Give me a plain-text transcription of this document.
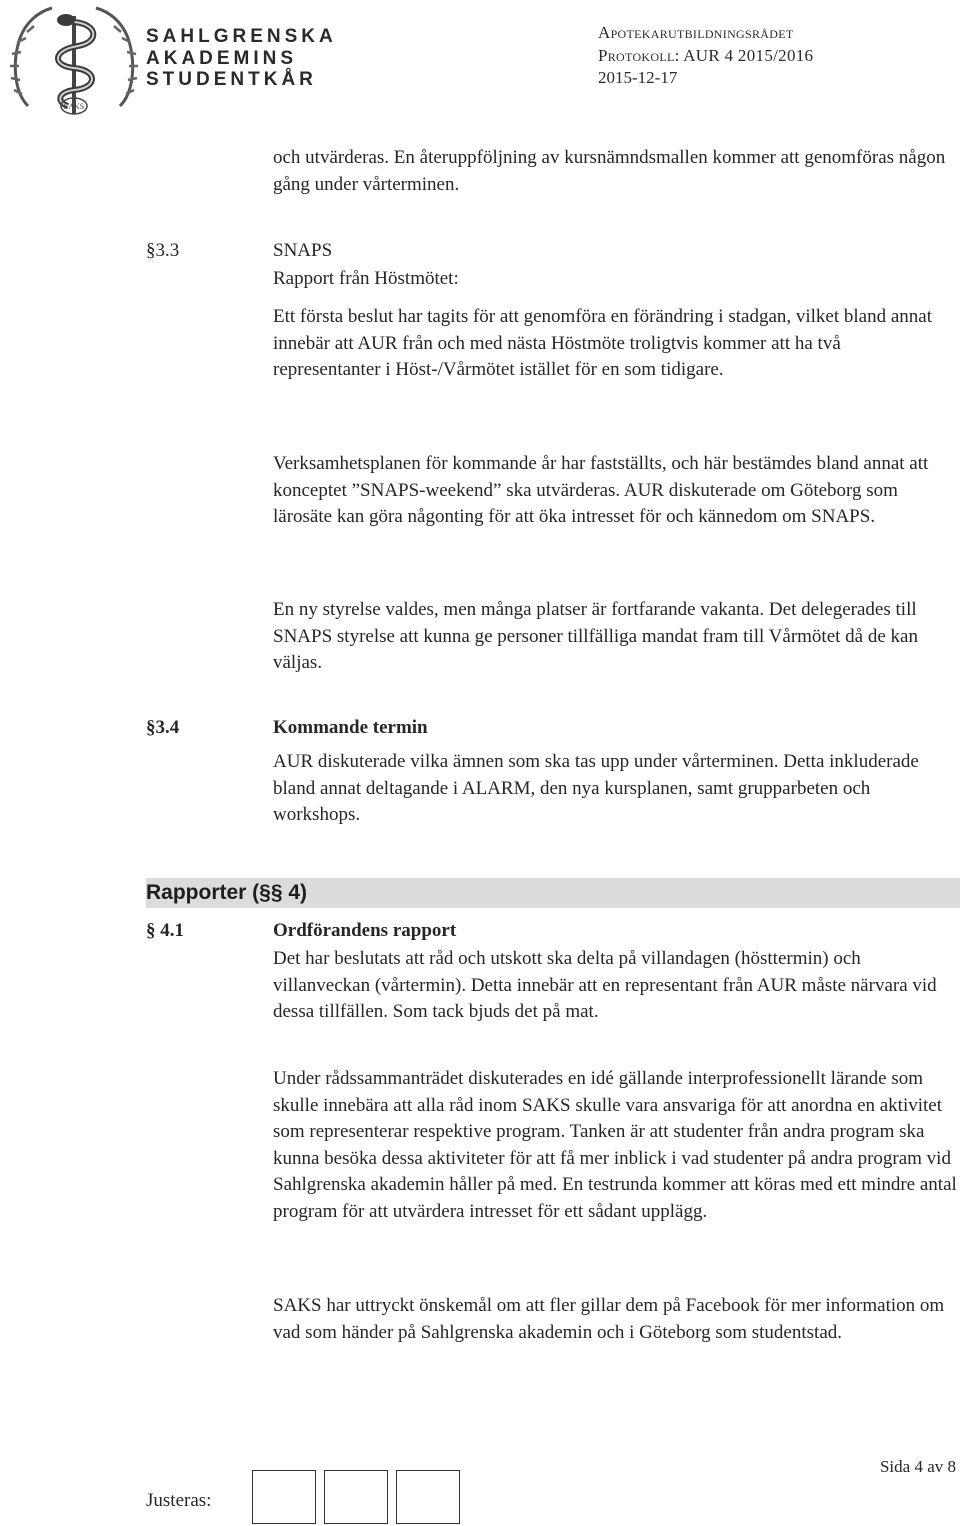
SAKS
SAHLGRENSKA
AKADEMINS
STUDENTKÅR
Apotekarutbildningsrådet
Protokoll: AUR 4 2015/2016
2015-12-17
och utvärderas. En återuppföljning av kursnämndsmallen kommer att genomföras någon gång under vårterminen.
§3.3	SNAPS
Rapport från Höstmötet:
Ett första beslut har tagits för att genomföra en förändring i stadgan, vilket bland annat innebär att AUR från och med nästa Höstmöte troligtvis kommer att ha två representanter i Höst-/Vårmötet istället för en som tidigare.
Verksamhetsplanen för kommande år har fastställts, och här bestämdes bland annat att konceptet ”SNAPS-weekend” ska utvärderas. AUR diskuterade om Göteborg som lärosäte kan göra någonting för att öka intresset för och kännedom om SNAPS.
En ny styrelse valdes, men många platser är fortfarande vakanta. Det delegerades till SNAPS styrelse att kunna ge personer tillfälliga mandat fram till Vårmötet då de kan väljas.
§3.4	Kommande termin
AUR diskuterade vilka ämnen som ska tas upp under vårterminen. Detta inkluderade bland annat deltagande i ALARM, den nya kursplanen, samt grupparbeten och workshops.
Rapporter (§§ 4)
§ 4.1	Ordförandens rapport
Det har beslutats att råd och utskott ska delta på villandagen (hösttermin) och villanveckan (vårtermin). Detta innebär att en representant från AUR måste närvara vid dessa tillfällen. Som tack bjuds det på mat.
Under rådssammanträdet diskuterades en idé gällande interprofessionellt lärande som skulle innebära att alla råd inom SAKS skulle vara ansvariga för att anordna en aktivitet som representerar respektive program. Tanken är att studenter från andra program ska kunna besöka dessa aktiviteter för att få mer inblick i vad studenter på andra program vid Sahlgrenska akademin håller på med. En testrunda kommer att köras med ett mindre antal program för att utvärdera intresset för ett sådant upplägg.
SAKS har uttryckt önskemål om att fler gillar dem på Facebook för mer information om vad som händer på Sahlgrenska akademin och i Göteborg som studentstad.
Sida 4 av 8
Justeras:
